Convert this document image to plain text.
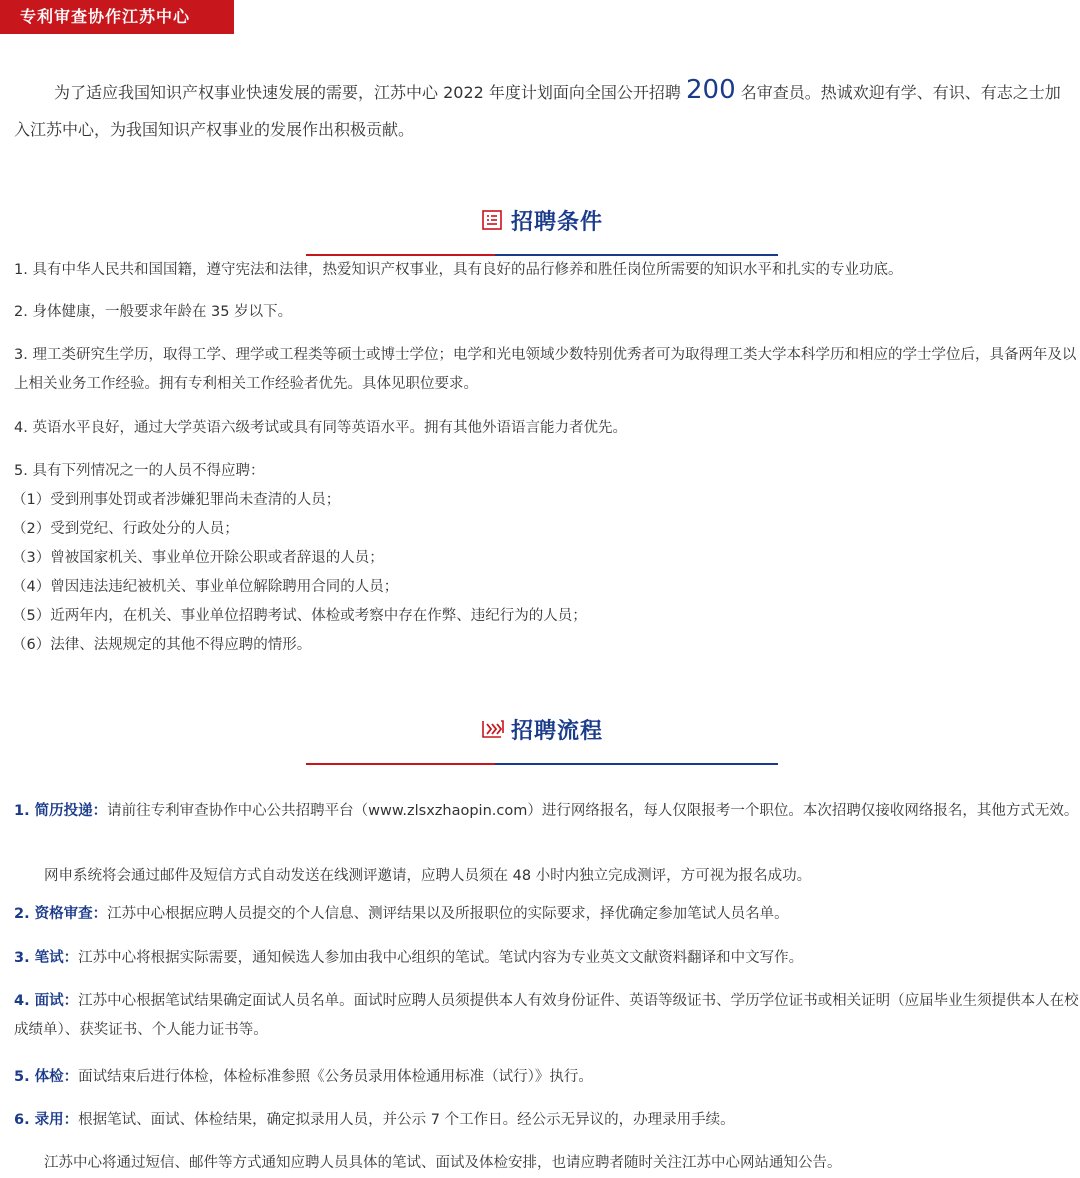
专利审查协作江苏中心
为了适应我国知识产权事业快速发展的需要，江苏中心 2022 年度计划面向全国公开招聘 200 名审查员。热诚欢迎有学、有识、有志之士加入江苏中心，为我国知识产权事业的发展作出积极贡献。
招聘条件
1. 具有中华人民共和国国籍，遵守宪法和法律，热爱知识产权事业，具有良好的品行修养和胜任岗位所需要的知识水平和扎实的专业功底。
2. 身体健康，一般要求年龄在 35 岁以下。
3. 理工类研究生学历，取得工学、理学或工程类等硕士或博士学位；电学和光电领域少数特别优秀者可为取得理工类大学本科学历和相应的学士学位后，具备两年及以上相关业务工作经验。拥有专利相关工作经验者优先。具体见职位要求。
4. 英语水平良好，通过大学英语六级考试或具有同等英语水平。拥有其他外语语言能力者优先。
5. 具有下列情况之一的人员不得应聘：
（1）受到刑事处罚或者涉嫌犯罪尚未查清的人员；
（2）受到党纪、行政处分的人员；
（3）曾被国家机关、事业单位开除公职或者辞退的人员；
（4）曾因违法违纪被机关、事业单位解除聘用合同的人员；
（5）近两年内，在机关、事业单位招聘考试、体检或考察中存在作弊、违纪行为的人员；
（6）法律、法规规定的其他不得应聘的情形。
招聘流程
1. 简历投递：请前往专利审查协作中心公共招聘平台（www.zlsxzhaopin.com）进行网络报名，每人仅限报考一个职位。本次招聘仅接收网络报名，其他方式无效。
网申系统将会通过邮件及短信方式自动发送在线测评邀请，应聘人员须在 48 小时内独立完成测评，方可视为报名成功。
2. 资格审查：江苏中心根据应聘人员提交的个人信息、测评结果以及所报职位的实际要求，择优确定参加笔试人员名单。
3. 笔试：江苏中心将根据实际需要，通知候选人参加由我中心组织的笔试。笔试内容为专业英文文献资料翻译和中文写作。
4. 面试：江苏中心根据笔试结果确定面试人员名单。面试时应聘人员须提供本人有效身份证件、英语等级证书、学历学位证书或相关证明（应届毕业生须提供本人在校成绩单）、获奖证书、个人能力证书等。
5. 体检：面试结束后进行体检，体检标准参照《公务员录用体检通用标准（试行）》执行。
6. 录用：根据笔试、面试、体检结果，确定拟录用人员，并公示 7 个工作日。经公示无异议的，办理录用手续。
江苏中心将通过短信、邮件等方式通知应聘人员具体的笔试、面试及体检安排，也请应聘者随时关注江苏中心网站通知公告。
